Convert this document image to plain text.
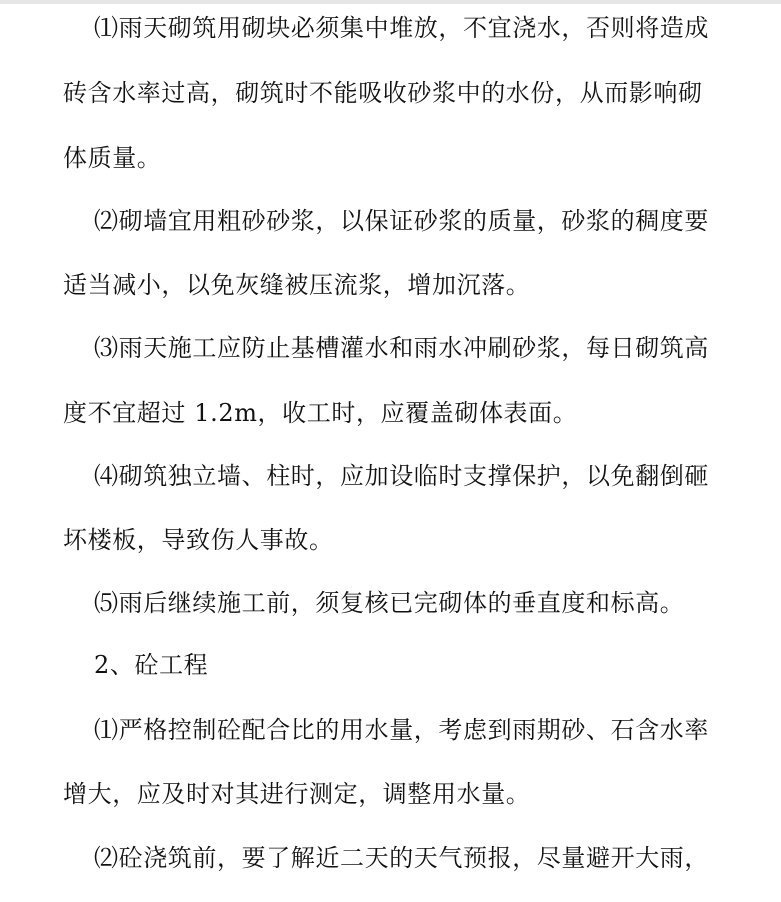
⑴雨天砌筑用砌块必须集中堆放，不宜浇水，否则将造成
砖含水率过高，砌筑时不能吸收砂浆中的水份，从而影响砌
体质量。
⑵砌墙宜用粗砂砂浆，以保证砂浆的质量，砂浆的稠度要
适当减小，以免灰缝被压流浆，增加沉落。
⑶雨天施工应防止基槽灌水和雨水冲刷砂浆，每日砌筑高
度不宜超过 1.2m，收工时，应覆盖砌体表面。
⑷砌筑独立墙、柱时，应加设临时支撑保护，以免翻倒砸
坏楼板，导致伤人事故。
⑸雨后继续施工前，须复核已完砌体的垂直度和标高。
2、砼工程
⑴严格控制砼配合比的用水量，考虑到雨期砂、石含水率
增大，应及时对其进行测定，调整用水量。
⑵砼浇筑前，要了解近二天的天气预报，尽量避开大雨，
